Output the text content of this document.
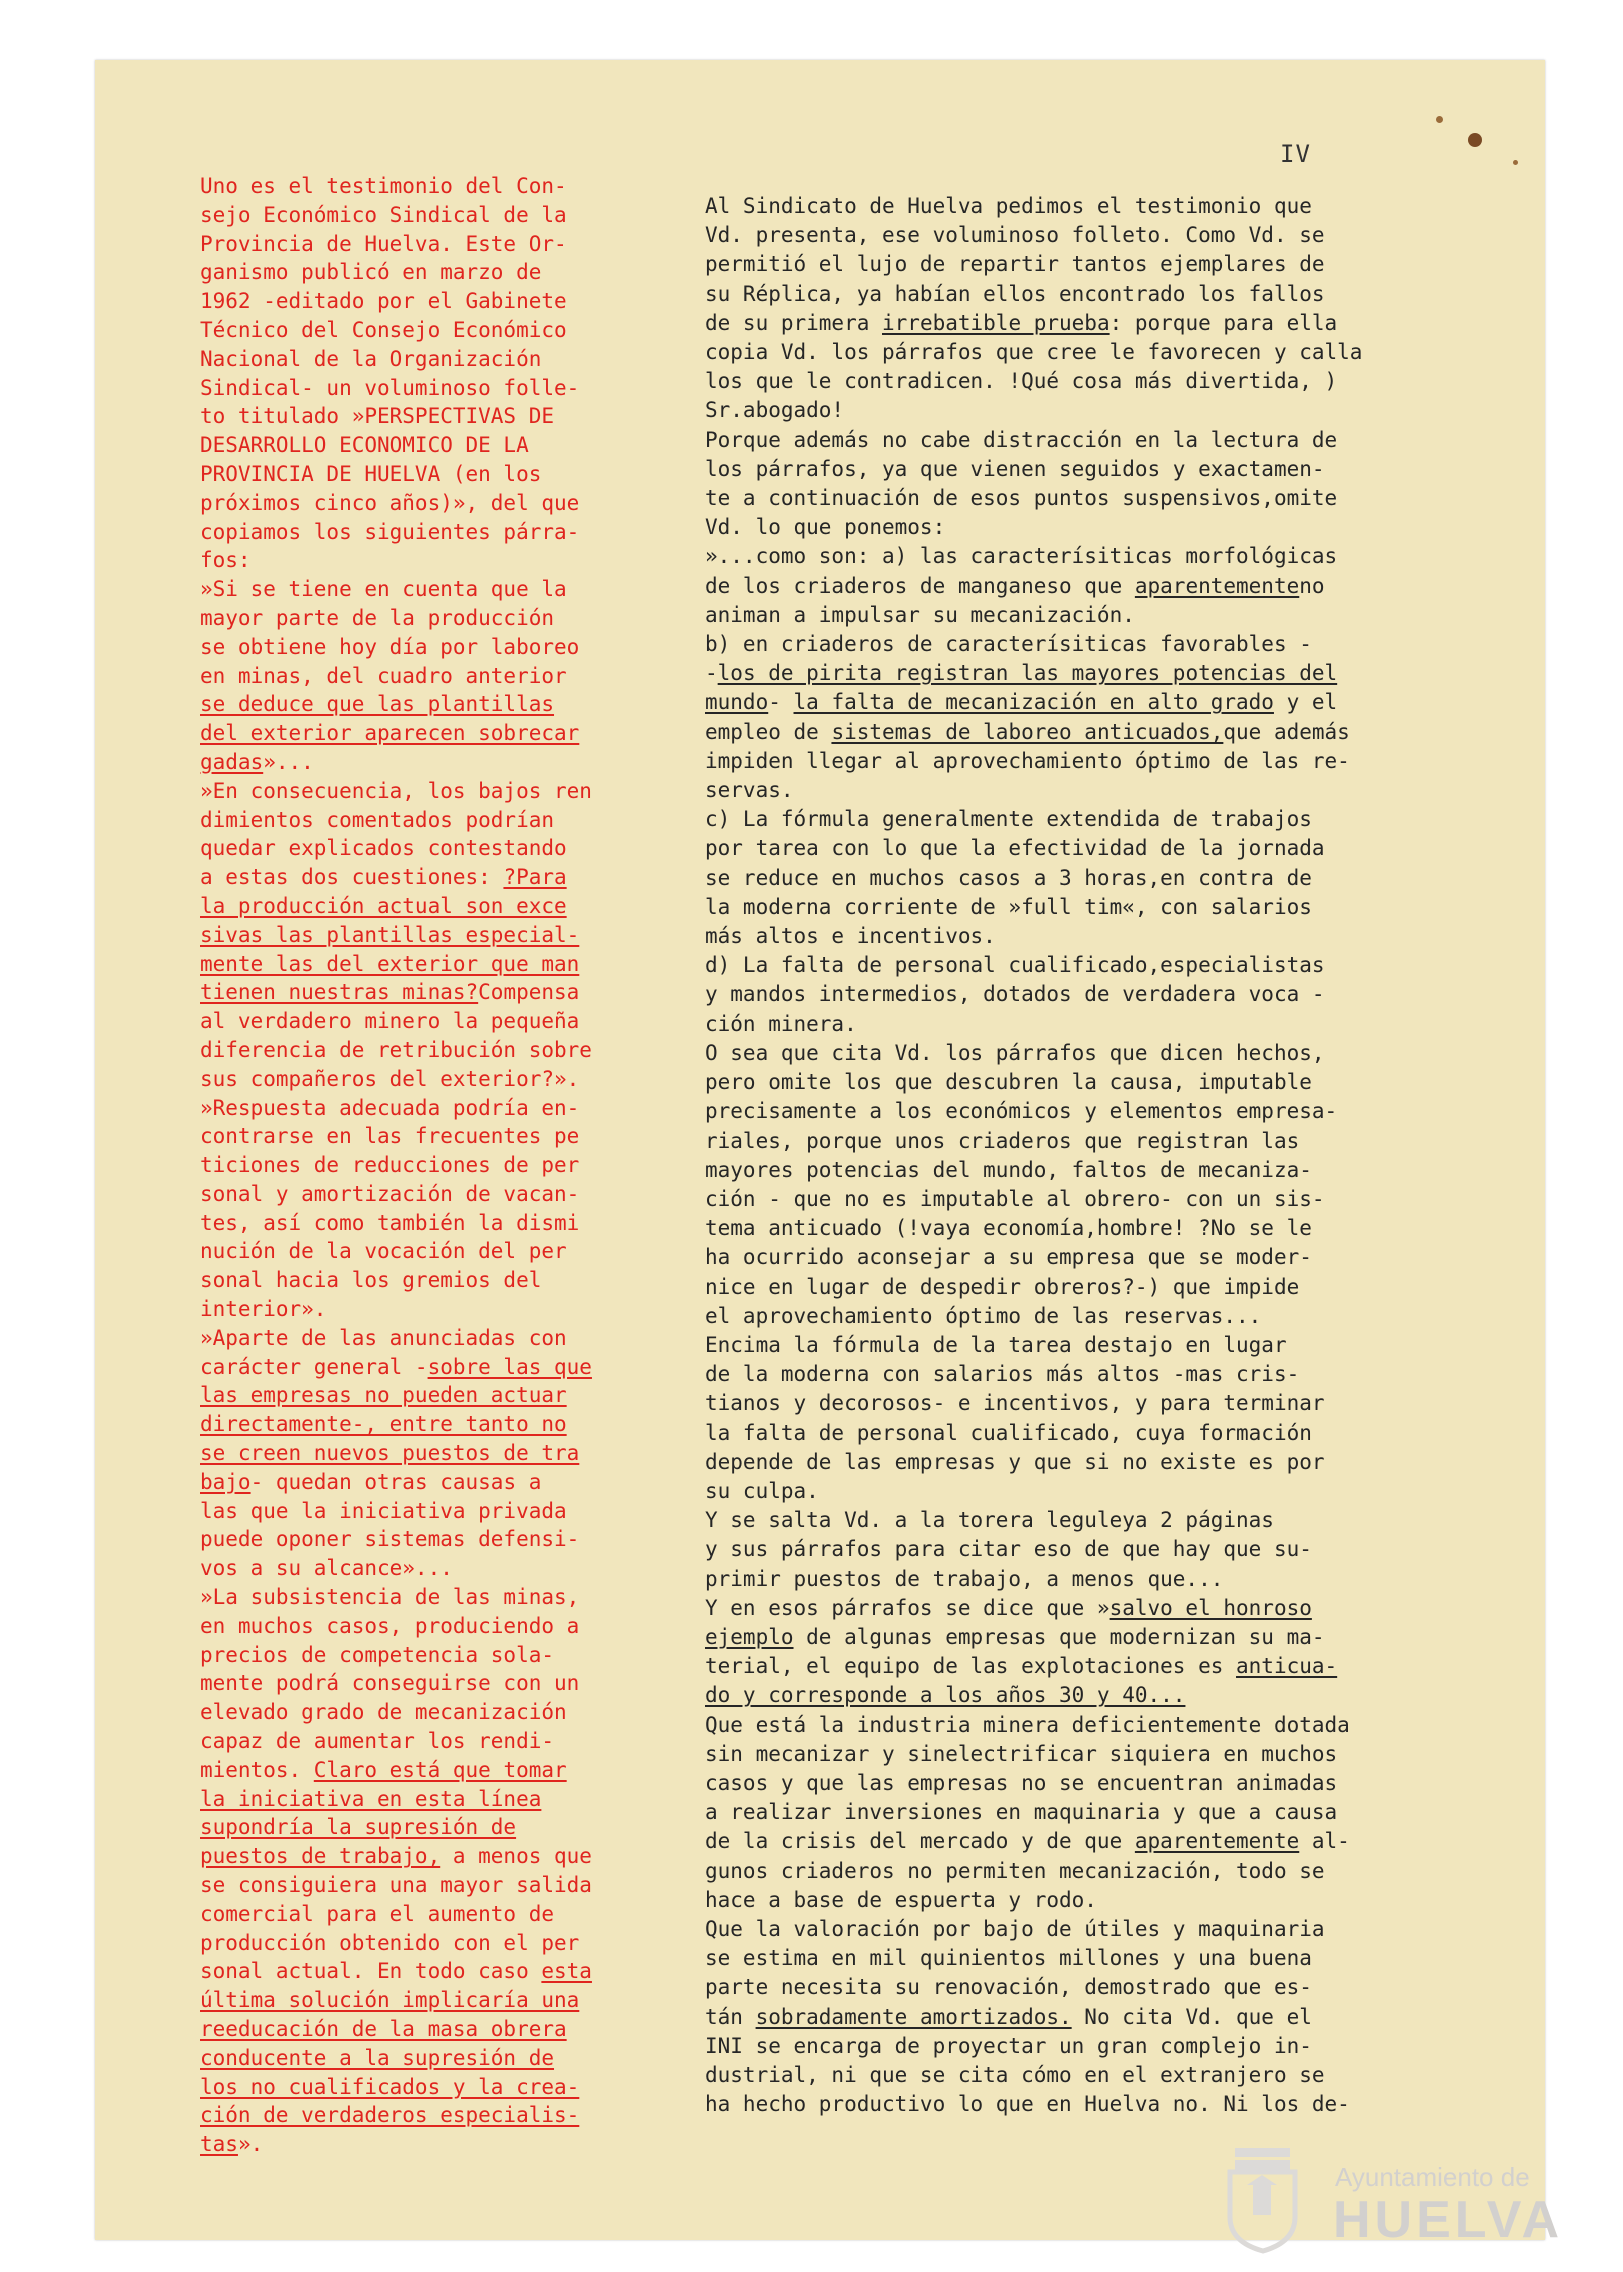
IV
Uno es el testimonio del Con-
sejo Económico Sindical de la
Provincia de Huelva. Este Or-
ganismo publicó en marzo de
1962 -editado por el Gabinete
Técnico del Consejo Económico
Nacional de la Organización
Sindical- un voluminoso folle-
to titulado »PERSPECTIVAS DE
DESARROLLO ECONOMICO DE LA
PROVINCIA DE HUELVA (en los
próximos cinco años)», del que
copiamos los siguientes párra-
fos:
»Si se tiene en cuenta que la
mayor parte de la producción
se obtiene hoy día por laboreo
en minas, del cuadro anterior
se deduce que las plantillas
del exterior aparecen sobrecar
gadas»...
»En consecuencia, los bajos ren
dimientos comentados podrían
quedar explicados contestando
a estas dos cuestiones: ?Para
la producción actual son exce
sivas las plantillas especial-
mente las del exterior que man
tienen nuestras minas?Compensa
al verdadero minero la pequeña
diferencia de retribución sobre
sus compañeros del exterior?».
»Respuesta adecuada podría en-
contrarse en las frecuentes pe
ticiones de reducciones de per
sonal y amortización de vacan-
tes, así como también la dismi
nución de la vocación del per
sonal hacia los gremios del
interior».
»Aparte de las anunciadas con
carácter general -sobre las que
las empresas no pueden actuar
directamente-, entre tanto no
se creen nuevos puestos de tra
bajo- quedan otras causas a
las que la iniciativa privada
puede oponer sistemas defensi-
vos a su alcance»...
»La subsistencia de las minas,
en muchos casos, produciendo a
precios de competencia sola-
mente podrá conseguirse con un
elevado grado de mecanización
capaz de aumentar los rendi-
mientos. Claro está que tomar
la iniciativa en esta línea
supondría la supresión de
puestos de trabajo, a menos que
se consiguiera una mayor salida
comercial para el aumento de
producción obtenido con el per
sonal actual. En todo caso esta
última solución implicaría una
reeducación de la masa obrera
conducente a la supresión de
los no cualificados y la crea-
ción de verdaderos especialis-
tas».
Al Sindicato de Huelva pedimos el testimonio que
Vd. presenta, ese voluminoso folleto. Como Vd. se
permitió el lujo de repartir tantos ejemplares de
su Réplica, ya habían ellos encontrado los fallos
de su primera irrebatible prueba: porque para ella
copia Vd. los párrafos que cree le favorecen y calla
los que le contradicen. !Qué cosa más divertida, )
Sr.abogado!
Porque además no cabe distracción en la lectura de
los párrafos, ya que vienen seguidos y exactamen-
te a continuación de esos puntos suspensivos,omite
Vd. lo que ponemos:
»...como son: a) las caracterísiticas morfológicas
de los criaderos de manganeso que aparentementeno
animan a impulsar su mecanización.
b) en criaderos de caracterísiticas favorables -
-los de pirita registran las mayores potencias del
mundo- la falta de mecanización en alto grado y el
empleo de sistemas de laboreo anticuados,que además
impiden llegar al aprovechamiento óptimo de las re-
servas.
c) La fórmula generalmente extendida de trabajos
por tarea con lo que la efectividad de la jornada
se reduce en muchos casos a 3 horas,en contra de
la moderna corriente de »full tim«, con salarios
más altos e incentivos.
d) La falta de personal cualificado,especialistas
y mandos intermedios, dotados de verdadera voca -
ción minera.
O sea que cita Vd. los párrafos que dicen hechos,
pero omite los que descubren la causa, imputable
precisamente a los económicos y elementos empresa-
riales, porque unos criaderos que registran las
mayores potencias del mundo, faltos de mecaniza-
ción - que no es imputable al obrero- con un sis-
tema anticuado (!vaya economía,hombre! ?No se le
ha ocurrido aconsejar a su empresa que se moder-
nice en lugar de despedir obreros?-) que impide
el aprovechamiento óptimo de las reservas...
Encima la fórmula de la tarea destajo en lugar
de la moderna con salarios más altos -mas cris-
tianos y decorosos- e incentivos, y para terminar
la falta de personal cualificado, cuya formación
depende de las empresas y que si no existe es por
su culpa.
Y se salta Vd. a la torera leguleya 2 páginas
y sus párrafos para citar eso de que hay que su-
primir puestos de trabajo, a menos que...
Y en esos párrafos se dice que »salvo el honroso
ejemplo de algunas empresas que modernizan su ma-
terial, el equipo de las explotaciones es anticua-
do y corresponde a los años 30 y 40...
Que está la industria minera deficientemente dotada
sin mecanizar y sinelectrificar siquiera en muchos
casos y que las empresas no se encuentran animadas
a realizar inversiones en maquinaria y que a causa
de la crisis del mercado y de que aparentemente al-
gunos criaderos no permiten mecanización, todo se
hace a base de espuerta y rodo.
Que la valoración por bajo de útiles y maquinaria
se estima en mil quinientos millones y una buena
parte necesita su renovación, demostrado que es-
tán sobradamente amortizados. No cita Vd. que el
INI se encarga de proyectar un gran complejo in-
dustrial, ni que se cita cómo en el extranjero se
ha hecho productivo lo que en Huelva no. Ni los de-
Ayuntamiento de
HUELVA
